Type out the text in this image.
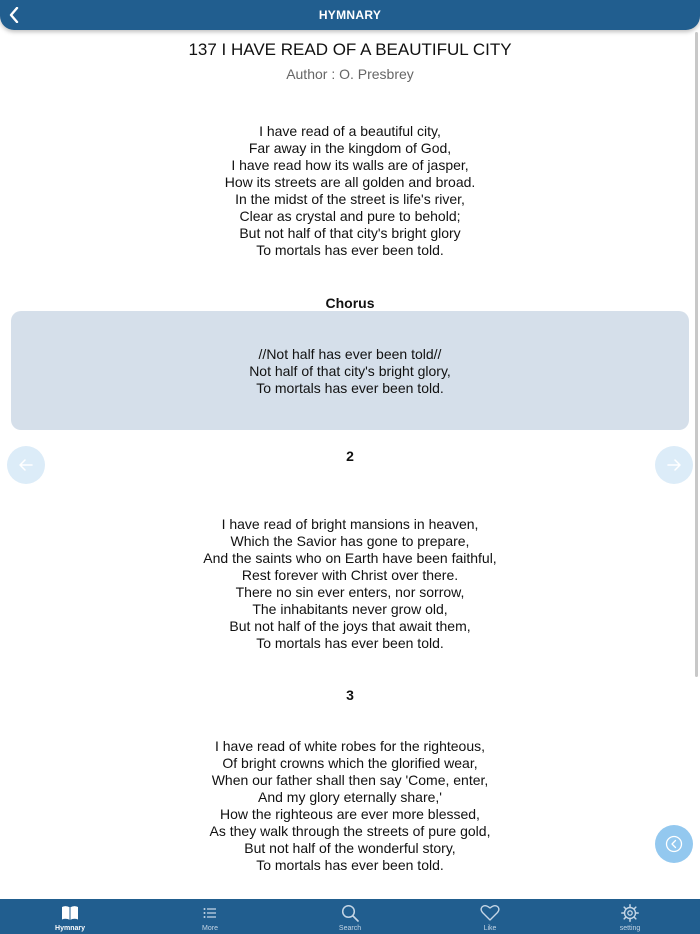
HYMNARY
137 I HAVE READ OF A BEAUTIFUL CITY
Author : O. Presbrey
I have read of a beautiful city,
Far away in the kingdom of God,
I have read how its walls are of jasper,
How its streets are all golden and broad.
In the midst of the street is life's river,
Clear as crystal and pure to behold;
But not half of that city's bright glory
To mortals has ever been told.
Chorus
//Not half has ever been told//
Not half of that city's bright glory,
To mortals has ever been told.
2
I have read of bright mansions in heaven,
Which the Savior has gone to prepare,
And the saints who on Earth have been faithful,
Rest forever with Christ over there.
There no sin ever enters, nor sorrow,
The inhabitants never grow old,
But not half of the joys that await them,
To mortals has ever been told.
3
I have read of white robes for the righteous,
Of bright crowns which the glorified wear,
When our father shall then say 'Come, enter,
And my glory eternally share,'
How the righteous are ever more blessed,
As they walk through the streets of pure gold,
But not half of the wonderful story,
To mortals has ever been told.
Hymnary	More	Search	Like	setting
